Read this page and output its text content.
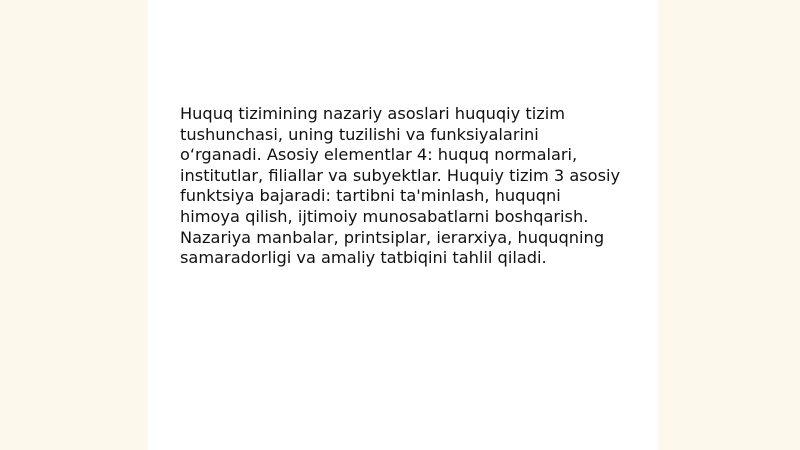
Huquq tizimining nazariy asoslari huquqiy tizim
tushunchasi, uning tuzilishi va funksiyalarini
o‘rganadi. Asosiy elementlar 4: huquq normalari,
institutlar, filiallar va subyektlar. Huquiy tizim 3 asosiy
funktsiya bajaradi: tartibni ta'minlash, huquqni
himoya qilish, ijtimoiy munosabatlarni boshqarish.
Nazariya manbalar, printsiplar, ierarxiya, huquqning
samaradorligi va amaliy tatbiqini tahlil qiladi.
